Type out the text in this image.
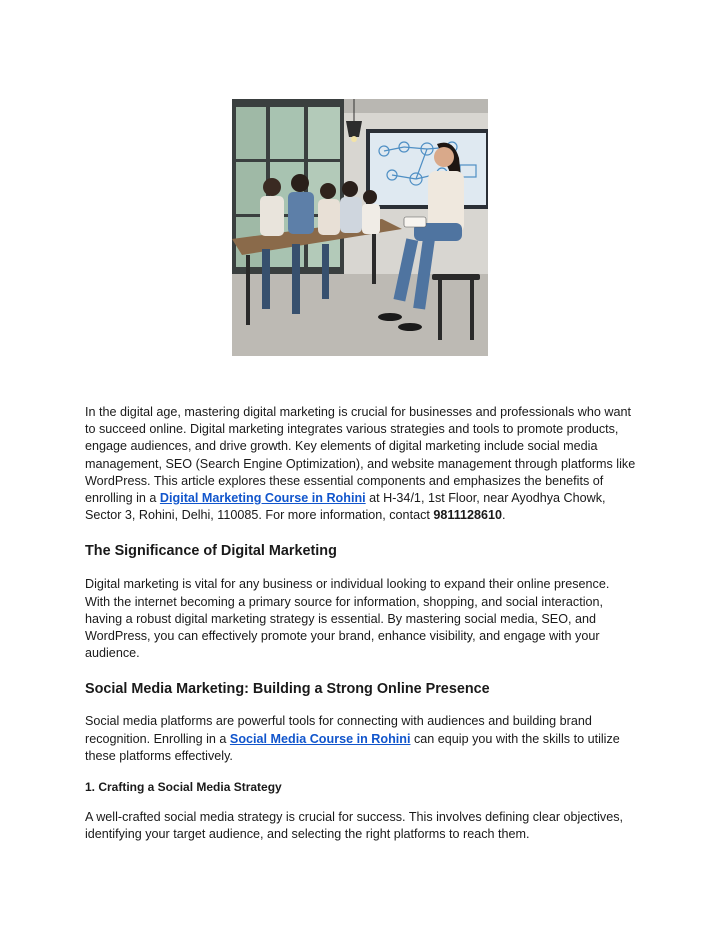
In the digital age, mastering digital marketing is crucial for businesses and professionals who want to succeed online. Digital marketing integrates various strategies and tools to promote products, engage audiences, and drive growth. Key elements of digital marketing include social media management, SEO (Search Engine Optimization), and website management through platforms like WordPress. This article explores these essential components and emphasizes the benefits of enrolling in a Digital Marketing Course in Rohini at H-34/1, 1st Floor, near Ayodhya Chowk, Sector 3, Rohini, Delhi, 110085. For more information, contact 9811128610.

The Significance of Digital Marketing

Digital marketing is vital for any business or individual looking to expand their online presence. With the internet becoming a primary source for information, shopping, and social interaction, having a robust digital marketing strategy is essential. By mastering social media, SEO, and WordPress, you can effectively promote your brand, enhance visibility, and engage with your audience.

Social Media Marketing: Building a Strong Online Presence

Social media platforms are powerful tools for connecting with audiences and building brand recognition. Enrolling in a Social Media Course in Rohini can equip you with the skills to utilize these platforms effectively.

1. Crafting a Social Media Strategy

A well-crafted social media strategy is crucial for success. This involves defining clear objectives, identifying your target audience, and selecting the right platforms to reach them.
